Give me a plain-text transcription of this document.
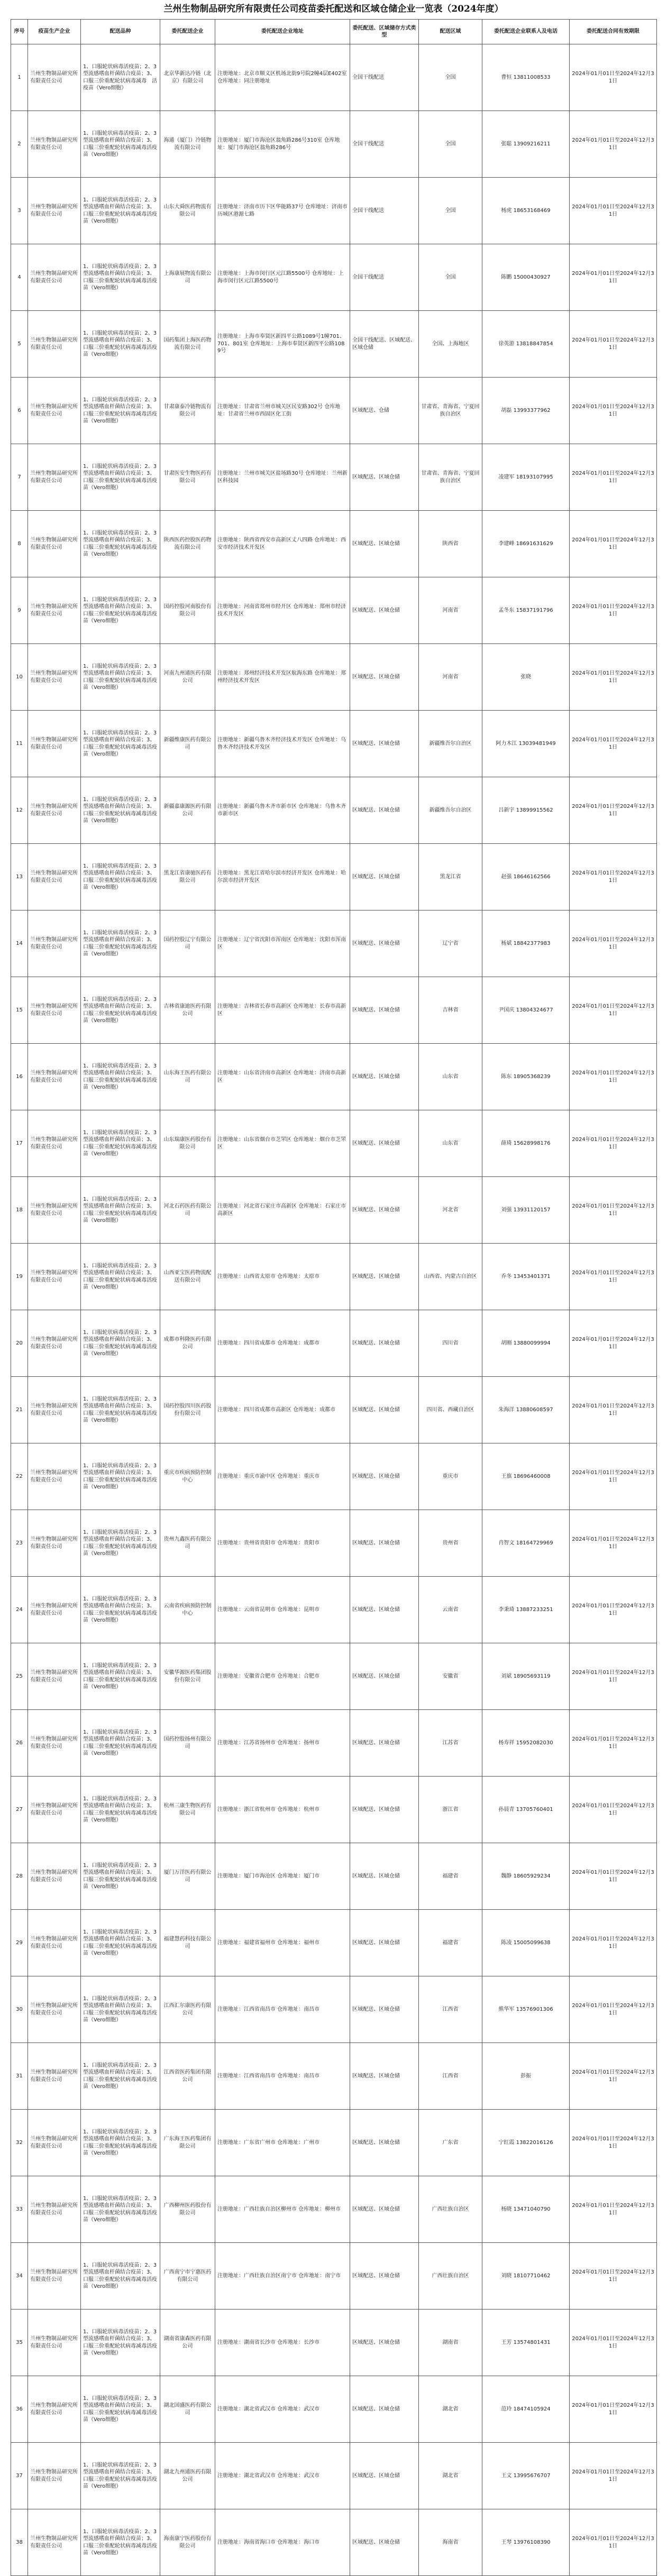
兰州生物制品研究所有限责任公司疫苗委托配送和区域仓储企业一览表（2024年度）
序号	疫苗生产企业	配送品种	委托配送企业	委托配送企业地址	委托配送、区域储存方式类型	配送区域	委托配送企业联系人及电话	委托配送合同有效期限
1	兰州生物制品研究所有限责任公司	1、口服轮状病毒活疫苗；2、3型流感嗜血杆菌结合疫苗；3、口服三价重配轮状病毒减毒　活疫苗（Vero细胞）	北京华新达冷链（北京）有限公司	注册地址：北京市顺义区机场北街9号院2幢4层E402室 仓库地址：同注册地址	全国干线配送	全国	曹恒 13811008533	2024年01月01日至2024年12月31日
2	兰州生物制品研究所有限责任公司	1、口服轮状病毒活疫苗；2、3型流感嗜血杆菌结合疫苗；3、口服三价重配轮状病毒减毒活疫苗（Vero细胞）	海通（厦门）冷链物流有限公司	注册地址：厦门市海沧区翁角路286号310室 仓库地址：厦门市海沧区翁角路286号	全国干线配送	全国	张聪 13909216211	2024年01月01日至2024年12月31日
3	兰州生物制品研究所有限责任公司	1、口服轮状病毒活疫苗；2、3型流感嗜血杆菌结合疫苗；3、口服三价重配轮状病毒减毒活疫苗（Vero细胞）	山东大舜医药物流有限公司	注册地址：济南市历下区华能路37号 仓库地址：济南市历城区港源七路	全国干线配送	全国	杨虎 18653168469	2024年01月01日至2024年12月31日
4	兰州生物制品研究所有限责任公司	1、口服轮状病毒活疫苗；2、3型流感嗜血杆菌结合疫苗；3、口服三价重配轮状病毒减毒活疫苗（Vero细胞）	上海康展物流有限公司	注册地址：上海市闵行区元江路5500号 仓库地址：上海市闵行区元江路5500号	全国干线配送	全国	陈鹏 15000430927	2024年01月01日至2024年12月31日
5	兰州生物制品研究所有限责任公司	1、口服轮状病毒活疫苗；2、3型流感嗜血杆菌结合疫苗；3、口服三价重配轮状病毒减毒活疫苗（Vero细胞）	国药集团上海医药物流有限公司	注册地址：上海市奉贤区新四平公路1089号1幢701、701、801室 仓库地址：上海市奉贤区新四平公路1089号	全国干线配送、区域配送、区域仓储	全国、上海地区	徐英游 13818847854	2024年01月01日至2024年12月31日
6	兰州生物制品研究所有限责任公司	1、口服轮状病毒活疫苗；2、3型流感嗜血杆菌结合疫苗；3、口服三价重配轮状病毒减毒活疫苗（Vero细胞）	甘肃康泰冷链物流有限公司	注册地址：甘肃省兰州市城关区民安路302号 仓库地址：甘肃省兰州市西固区化工街	区域配送、仓储	甘肃省、青海省、宁夏回族自治区	胡磊 13993377962	2024年01月01日至2024年12月31日
7	兰州生物制品研究所有限责任公司	1、口服轮状病毒活疫苗；2、3型流感嗜血杆菌结合疫苗；3、口服三价重配轮状病毒减毒活疫苗（Vero细胞）	甘肃医安生物医药有限公司	注册地址：兰州市城关区盐场路30号 仓库地址：兰州新区科技园	区域配送、区域仓储	甘肃省、青海省、宁夏回族自治区	凌建军 18193107995	2024年01月01日至2024年12月31日
8	兰州生物制品研究所有限责任公司	1、口服轮状病毒活疫苗；2、3型流感嗜血杆菌结合疫苗；3、口服三价重配轮状病毒减毒活疫苗（Vero细胞）	陕西医药控股医药物流有限公司	注册地址：陕西省西安市高新区丈八四路 仓库地址：西安市经济技术开发区	区域配送、区域仓储	陕西省	李建峰 18691631629	2024年01月01日至2024年12月31日
9	兰州生物制品研究所有限责任公司	1、口服轮状病毒活疫苗；2、3型流感嗜血杆菌结合疫苗；3、口服三价重配轮状病毒减毒活疫苗（Vero细胞）	国药控股河南股份有限公司	注册地址：河南省郑州市经开区 仓库地址：郑州市经济技术开发区	区域配送、区域仓储	河南省	孟冬东 15837191796	2024年01月01日至2024年12月31日
10	兰州生物制品研究所有限责任公司	1、口服轮状病毒活疫苗；2、3型流感嗜血杆菌结合疫苗；3、口服三价重配轮状病毒减毒活疫苗（Vero细胞）	河南九州通医药有限公司	注册地址：郑州经济技术开发区航海东路 仓库地址：郑州经济技术开发区	区域配送、区域仓储	河南省	张晓	2024年01月01日至2024年12月31日
11	兰州生物制品研究所有限责任公司	1、口服轮状病毒活疫苗；2、3型流感嗜血杆菌结合疫苗；3、口服三价重配轮状病毒减毒活疫苗（Vero细胞）	新疆维康医药有限公司	注册地址：新疆乌鲁木齐经济技术开发区 仓库地址：乌鲁木齐经济技术开发区	区域配送、区域仓储	新疆维吾尔自治区	阿力木江 13039481949	2024年01月01日至2024年12月31日
12	兰州生物制品研究所有限责任公司	1、口服轮状病毒活疫苗；2、3型流感嗜血杆菌结合疫苗；3、口服三价重配轮状病毒减毒活疫苗（Vero细胞）	新疆嘉康源医药有限公司	注册地址：新疆乌鲁木齐市新市区 仓库地址：乌鲁木齐市新市区	区域配送、区域仓储	新疆维吾尔自治区	吕新宇 13899915562	2024年01月01日至2024年12月31日
13	兰州生物制品研究所有限责任公司	1、口服轮状病毒活疫苗；2、3型流感嗜血杆菌结合疫苗；3、口服三价重配轮状病毒减毒活疫苗（Vero细胞）	黑龙江省康驰医药有限公司	注册地址：黑龙江省哈尔滨市经济开发区 仓库地址：哈尔滨市经济开发区	区域配送、区域仓储	黑龙江省	赵强 18646162566	2024年01月01日至2024年12月31日
14	兰州生物制品研究所有限责任公司	1、口服轮状病毒活疫苗；2、3型流感嗜血杆菌结合疫苗；3、口服三价重配轮状病毒减毒活疫苗（Vero细胞）	国药控股辽宁有限公司	注册地址：辽宁省沈阳市浑南区 仓库地址：沈阳市浑南区	区域配送、区域仓储	辽宁省	杨斌 18842377983	2024年01月01日至2024年12月31日
15	兰州生物制品研究所有限责任公司	1、口服轮状病毒活疫苗；2、3型流感嗜血杆菌结合疫苗；3、口服三价重配轮状病毒减毒活疫苗（Vero细胞）	吉林省康迪医药有限公司	注册地址：吉林省长春市高新区 仓库地址：长春市高新区	区域配送、区域仓储	吉林省	尹国庆 13804324677	2024年01月01日至2024年12月31日
16	兰州生物制品研究所有限责任公司	1、口服轮状病毒活疫苗；2、3型流感嗜血杆菌结合疫苗；3、口服三价重配轮状病毒减毒活疫苗（Vero细胞）	山东海王医药有限公司	注册地址：山东省济南市高新区 仓库地址：济南市高新区	区域配送、区域仓储	山东省	陈东 18905368239	2024年01月01日至2024年12月31日
17	兰州生物制品研究所有限责任公司	1、口服轮状病毒活疫苗；2、3型流感嗜血杆菌结合疫苗；3、口服三价重配轮状病毒减毒活疫苗（Vero细胞）	山东瑞康医药股份有限公司	注册地址：山东省烟台市芝罘区 仓库地址：烟台市芝罘区	区域配送、区域仓储	山东省	薛琦 15628998176	2024年01月01日至2024年12月31日
18	兰州生物制品研究所有限责任公司	1、口服轮状病毒活疫苗；2、3型流感嗜血杆菌结合疫苗；3、口服三价重配轮状病毒减毒活疫苗（Vero细胞）	河北石药医药有限公司	注册地址：河北省石家庄市高新区 仓库地址：石家庄市高新区	区域配送、区域仓储	河北省	刘强 13931120157	2024年01月01日至2024年12月31日
19	兰州生物制品研究所有限责任公司	1、口服轮状病毒活疫苗；2、3型流感嗜血杆菌结合疫苗；3、口服三价重配轮状病毒减毒活疫苗（Vero细胞）	山西亚宝医药物流配送有限公司	注册地址：山西省太原市 仓库地址：太原市	区域配送、区域仓储	山西省、内蒙古自治区	乔冬 13453401371	2024年01月01日至2024年12月31日
20	兰州生物制品研究所有限责任公司	1、口服轮状病毒活疫苗；2、3型流感嗜血杆菌结合疫苗；3、口服三价重配轮状病毒减毒活疫苗（Vero细胞）	成都市科隆医药有限公司	注册地址：四川省成都市 仓库地址：成都市	区域配送、区域仓储	四川省	胡刚 13880099994	2024年01月01日至2024年12月31日
21	兰州生物制品研究所有限责任公司	1、口服轮状病毒活疫苗；2、3型流感嗜血杆菌结合疫苗；3、口服三价重配轮状病毒减毒活疫苗（Vero细胞）	国药控股四川医药股份有限公司	注册地址：四川省成都市高新区 仓库地址：成都市	区域配送、区域仓储	四川省、西藏自治区	朱海洋 13880608597	2024年01月01日至2024年12月31日
22	兰州生物制品研究所有限责任公司	1、口服轮状病毒活疫苗；2、3型流感嗜血杆菌结合疫苗；3、口服三价重配轮状病毒减毒活疫苗（Vero细胞）	重庆市疾病预防控制中心	注册地址：重庆市渝中区 仓库地址：重庆市	区域配送、区域仓储	重庆市	王旗 18696460008	2024年01月01日至2024年12月31日
23	兰州生物制品研究所有限责任公司	1、口服轮状病毒活疫苗；2、3型流感嗜血杆菌结合疫苗；3、口服三价重配轮状病毒减毒活疫苗（Vero细胞）	贵州九鑫医药有限公司	注册地址：贵州省贵阳市 仓库地址：贵阳市	区域配送、区域仓储	贵州省	肖智文 18164729969	2024年01月01日至2024年12月31日
24	兰州生物制品研究所有限责任公司	1、口服轮状病毒活疫苗；2、3型流感嗜血杆菌结合疫苗；3、口服三价重配轮状病毒减毒活疫苗（Vero细胞）	云南省疾病预防控制中心	注册地址：云南省昆明市 仓库地址：昆明市	区域配送、区域仓储	云南省	李秉琦 13887233251	2024年01月01日至2024年12月31日
25	兰州生物制品研究所有限责任公司	1、口服轮状病毒活疫苗；2、3型流感嗜血杆菌结合疫苗；3、口服三价重配轮状病毒减毒活疫苗（Vero细胞）	安徽华源医药集团股份有限公司	注册地址：安徽省合肥市 仓库地址：合肥市	区域配送、区域仓储	安徽省	刘斌 18905693119	2024年01月01日至2024年12月31日
26	兰州生物制品研究所有限责任公司	1、口服轮状病毒活疫苗；2、3型流感嗜血杆菌结合疫苗；3、口服三价重配轮状病毒减毒活疫苗（Vero细胞）	国药控股扬州有限公司	注册地址：江苏省扬州市 仓库地址：扬州市	区域配送、区域仓储	江苏省	杨寿祥 15952082030	2024年01月01日至2024年12月31日
27	兰州生物制品研究所有限责任公司	1、口服轮状病毒活疫苗；2、3型流感嗜血杆菌结合疫苗；3、口服三价重配轮状病毒减毒活疫苗（Vero细胞）	杭州三康生物医药有限公司	注册地址：浙江省杭州市 仓库地址：杭州市	区域配送、区域仓储	浙江省	孙晨青 13705760401	2024年01月01日至2024年12月31日
28	兰州生物制品研究所有限责任公司	1、口服轮状病毒活疫苗；2、3型流感嗜血杆菌结合疫苗；3、口服三价重配轮状病毒减毒活疫苗（Vero细胞）	厦门万洋医药有限公司	注册地址：厦门市海沧区 仓库地址：厦门市	区域配送、区域仓储	福建省	魏静 18605929234	2024年01月01日至2024年12月31日
29	兰州生物制品研究所有限责任公司	1、口服轮状病毒活疫苗；2、3型流感嗜血杆菌结合疫苗；3、口服三价重配轮状病毒减毒活疫苗（Vero细胞）	福建慧药科技有限公司	注册地址：福建省福州市 仓库地址：福州市	区域配送、区域仓储	福建省	陈凌 15005099638	2024年01月01日至2024年12月31日
30	兰州生物制品研究所有限责任公司	1、口服轮状病毒活疫苗；2、3型流感嗜血杆菌结合疫苗；3、口服三价重配轮状病毒减毒活疫苗（Vero细胞）	江西汇尔康医药有限公司	注册地址：江西省南昌市 仓库地址：南昌市	区域配送、区域仓储	江西省	熊华军 13576901306	2024年01月01日至2024年12月31日
31	兰州生物制品研究所有限责任公司	1、口服轮状病毒活疫苗；2、3型流感嗜血杆菌结合疫苗；3、口服三价重配轮状病毒减毒活疫苗（Vero细胞）	江西省医药集团有限公司	注册地址：江西省南昌市 仓库地址：南昌市	区域配送、区域仓储	江西省	彭振	2024年01月01日至2024年12月31日
32	兰州生物制品研究所有限责任公司	1、口服轮状病毒活疫苗；2、3型流感嗜血杆菌结合疫苗；3、口服三价重配轮状病毒减毒活疫苗（Vero细胞）	广东海王医药集团有限公司	注册地址：广东省广州市 仓库地址：广州市	区域配送、区域仓储	广东省	宁红霞 13822016126	2024年01月01日至2024年12月31日
33	兰州生物制品研究所有限责任公司	1、口服轮状病毒活疫苗；2、3型流感嗜血杆菌结合疫苗；3、口服三价重配轮状病毒减毒活疫苗（Vero细胞）	广西柳州医药股份有限公司	注册地址：广西壮族自治区柳州市 仓库地址：柳州市	区域配送、区域仓储	广西壮族自治区	杨晓 13471040790	2024年01月01日至2024年12月31日
34	兰州生物制品研究所有限责任公司	1、口服轮状病毒活疫苗；2、3型流感嗜血杆菌结合疫苗；3、口服三价重配轮状病毒减毒活疫苗（Vero细胞）	广西南宁市宁惠医药有限公司	注册地址：广西壮族自治区南宁市 仓库地址：南宁市	区域配送、区域仓储	广西壮族自治区	刘晓 18107710462	2024年01月01日至2024年12月31日
35	兰州生物制品研究所有限责任公司	1、口服轮状病毒活疫苗；2、3型流感嗜血杆菌结合疫苗；3、口服三价重配轮状病毒减毒活疫苗（Vero细胞）	湖南省康森医药有限公司	注册地址：湖南省长沙市 仓库地址：长沙市	区域配送、区域仓储	湖南省	王芳 13574801431	2024年01月01日至2024年12月31日
36	兰州生物制品研究所有限责任公司	1、口服轮状病毒活疫苗；2、3型流感嗜血杆菌结合疫苗；3、口服三价重配轮状病毒减毒活疫苗（Vero细胞）	湖北国盛医药有限公司	注册地址：湖北省武汉市 仓库地址：武汉市	区域配送、区域仓储	湖北省	范玲 18474105924	2024年01月01日至2024年12月31日
37	兰州生物制品研究所有限责任公司	1、口服轮状病毒活疫苗；2、3型流感嗜血杆菌结合疫苗；3、口服三价重配轮状病毒减毒活疫苗（Vero细胞）	湖北九州通医药有限公司	注册地址：湖北省武汉市 仓库地址：武汉市	区域配送、区域仓储	湖北省	王文 13995676707	2024年01月01日至2024年12月31日
38	兰州生物制品研究所有限责任公司	1、口服轮状病毒活疫苗；2、3型流感嗜血杆菌结合疫苗；3、口服三价重配轮状病毒减毒活疫苗（Vero细胞）	海南康宁医药股份有限公司	注册地址：海南省海口市 仓库地址：海口市	区域配送、区域仓储	海南省	王琴 13976108390	2024年01月01日至2024年12月31日
